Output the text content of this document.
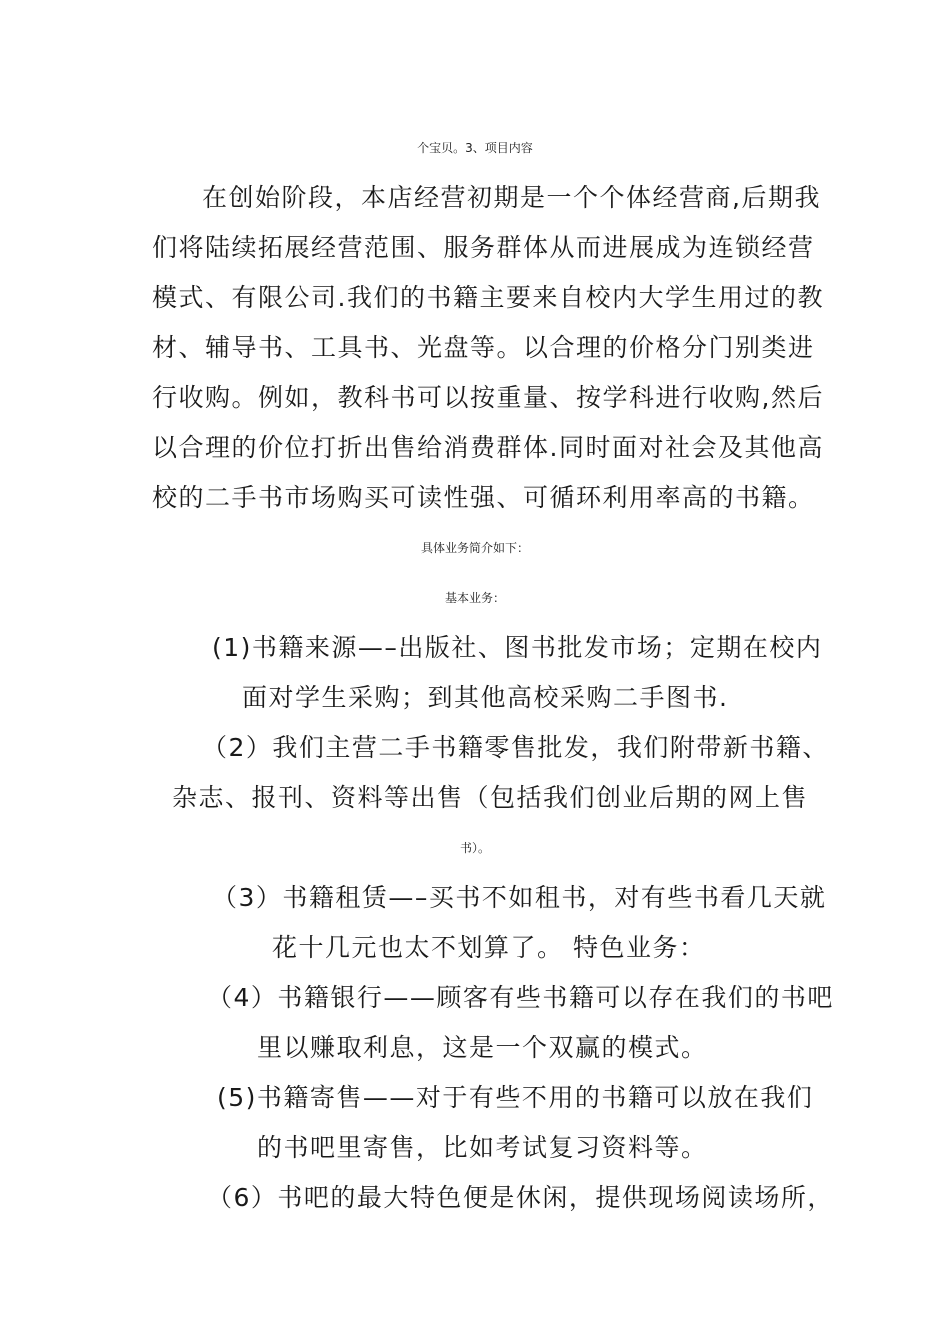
个宝贝。3、项目内容
在创始阶段，本店经营初期是一个个体经营商,后期我
们将陆续拓展经营范围、服务群体从而进展成为连锁经营
模式、有限公司.我们的书籍主要来自校内大学生用过的教
材、辅导书、工具书、光盘等。以合理的价格分门别类进
行收购。例如，教科书可以按重量、按学科进行收购,然后
以合理的价位打折出售给消费群体.同时面对社会及其他高
校的二手书市场购买可读性强、可循环利用率高的书籍。
具体业务简介如下：
基本业务：
(1)书籍来源—–出版社、图书批发市场；定期在校内
面对学生采购；到其他高校采购二手图书.
（2）我们主营二手书籍零售批发，我们附带新书籍、
杂志、报刊、资料等出售（包括我们创业后期的网上售
书）。
（3）书籍租赁—–买书不如租书，对有些书看几天就
花十几元也太不划算了。 特色业务：
（4）书籍银行——顾客有些书籍可以存在我们的书吧
里以赚取利息，这是一个双赢的模式。
(5)书籍寄售——对于有些不用的书籍可以放在我们
的书吧里寄售，比如考试复习资料等。
（6）书吧的最大特色便是休闲，提供现场阅读场所，
